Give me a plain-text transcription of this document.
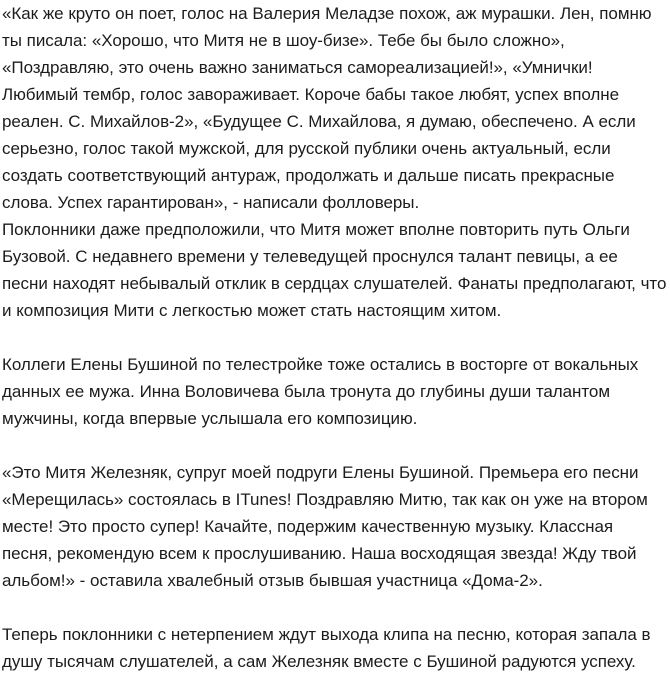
«Как же круто он поет, голос на Валерия Меладзе похож, аж мурашки. Лен, помню ты писала: «Хорошо, что Митя не в шоу-бизе». Тебе бы было сложно», «Поздравляю, это очень важно заниматься самореализацией!», «Умнички! Любимый тембр, голос завораживает. Короче бабы такое любят, успех вполне реален. С. Михайлов-2», «Будущее С. Михайлова, я думаю, обеспечено. А если серьезно, голос такой мужской, для русской публики очень актуальный, если создать соответствующий антураж, продолжать и дальше писать прекрасные слова. Успех гарантирован», - написали фолловеры.

Поклонники даже предположили, что Митя может вполне повторить путь Ольги Бузовой. С недавнего времени у телеведущей проснулся талант певицы, а ее песни находят небывалый отклик в сердцах слушателей. Фанаты предполагают, что и композиция Мити с легкостью может стать настоящим хитом.

Коллеги Елены Бушиной по телестройке тоже остались в восторге от вокальных данных ее мужа. Инна Воловичева была тронута до глубины души талантом мужчины, когда впервые услышала его композицию.

«Это Митя Железняк, супруг моей подруги Елены Бушиной. Премьера его песни «Мерещилась» состоялась в ITunes! Поздравляю Митю, так как он уже на втором месте! Это просто супер! Качайте, подержим качественную музыку. Классная песня, рекомендую всем к прослушиванию. Наша восходящая звезда! Жду твой альбом!» - оставила хвалебный отзыв бывшая участница «Дома-2».

Теперь поклонники с нетерпением ждут выхода клипа на песню, которая запала в душу тысячам слушателей, а сам Железняк вместе с Бушиной радуются успеху.
